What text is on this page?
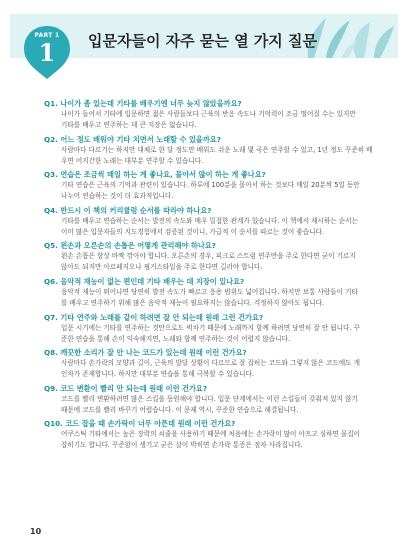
PART 1
1	입문자들이 자주 묻는 열 가지 질문
Q1. 나이가 좀 있는데 기타를 배우기엔 너무 늦지 않았을까요?
나이가 들어서 기타에 입문하면 젊은 사람들보다 근육의 반응 속도나 기억력이 조금 떨어질 수는 있지만
기타를 배우고 연주하는 데 큰 지장은 없습니다.
Q2. 어느 정도 배워야 기타 치면서 노래할 수 있을까요?
사람마다 다르기는 하지만 대체로 한 달 정도만 배워도 쉬운 노래 몇 곡은 연주할 수 있고, 1년 정도 꾸준히 배
우면 어지간한 노래는 대부분 연주할 수 있습니다.
Q3. 연습은 조금씩 매일 하는 게 좋나요, 몰아서 많이 하는 게 좋나요?
기타 연습은 근육의 기억과 관련이 있습니다. 하루에 100분을 몰아서 하는 것보다 매일 20분씩 5일 동안
나누어 연습하는 것이 더 효과적입니다.
Q4. 반드시 이 책의 커리큘럼 순서를 따라야 하나요?
기타를 배우고 연습하는 순서는 발전의 속도와 매우 밀접한 관계가 있습니다. 이 책에서 제시하는 순서는
이미 많은 입문자들의 지도경험에서 검증된 것이니, 가급적 이 순서를 따르는 것이 좋습니다.
Q5. 왼손과 오른손의 손톱은 어떻게 관리해야 하나요?
왼손 손톱은 항상 바짝 깎아야 합니다. 오른손의 경우, 피크로 스트럼 연주만을 주로 한다면 굳이 기르지
않아도 되지만 아르페지오나 핑거스타일을 주로 한다면 길러야 합니다.
Q6. 음악적 재능이 없는 편인데 기타 배우는 데 지장이 있나요?
음악적 재능이 뛰어나면 당연히 발전 속도가 빠르고 응용 범위도 넓어집니다. 하지만 보통 사람들이 기타
를 배우고 연주하기 위해 많은 음악적 재능이 필요하지는 않습니다. 걱정하지 않아도 됩니다.
Q7. 기타 연주와 노래를 같이 하려면 잘 안 되는데 원래 그런 건가요?
입문 시기에는 기타를 연주하는 것만으로도 벅차기 때문에 노래까지 함께 하려면 당연히 잘 안 됩니다. 꾸
준한 연습을 통해 손이 익숙해지면, 노래와 함께 연주하는 것이 어렵지 않습니다.
Q8. 깨끗한 소리가 잘 안 나는 코드가 있는데 원래 이런 건가요?
사람마다 손가락의 모양과 길이, 근육의 발달 상황이 다르므로 잘 잡히는 코드와 그렇지 않은 코드에도 개
인차가 존재합니다. 하지만 대부분 연습을 통해 극복할 수 있습니다.
Q9. 코드 변환이 빨리 안 되는데 원래 이런 건가요?
코드를 빨리 변환하려면 많은 스킬을 동원해야 합니다. 입문 단계에서는 이런 스킬들이 갖춰져 있지 않기
때문에 코드를 빨리 바꾸기 어렵습니다. 이 문제 역시, 꾸준한 연습으로 해결됩니다.
Q10. 코드 잡을 때 손가락이 너무 아픈데 원래 이런 건가요?
어쿠스틱 기타에서는 높은 장력의 쇠줄을 사용하기 때문에 처음에는 손가락이 많이 아프고 심하면 물집이
잡히기도 합니다. 꾸준함이 생기고 굳은 살이 박히면 손가락 통증은 점차 사라집니다.
10
